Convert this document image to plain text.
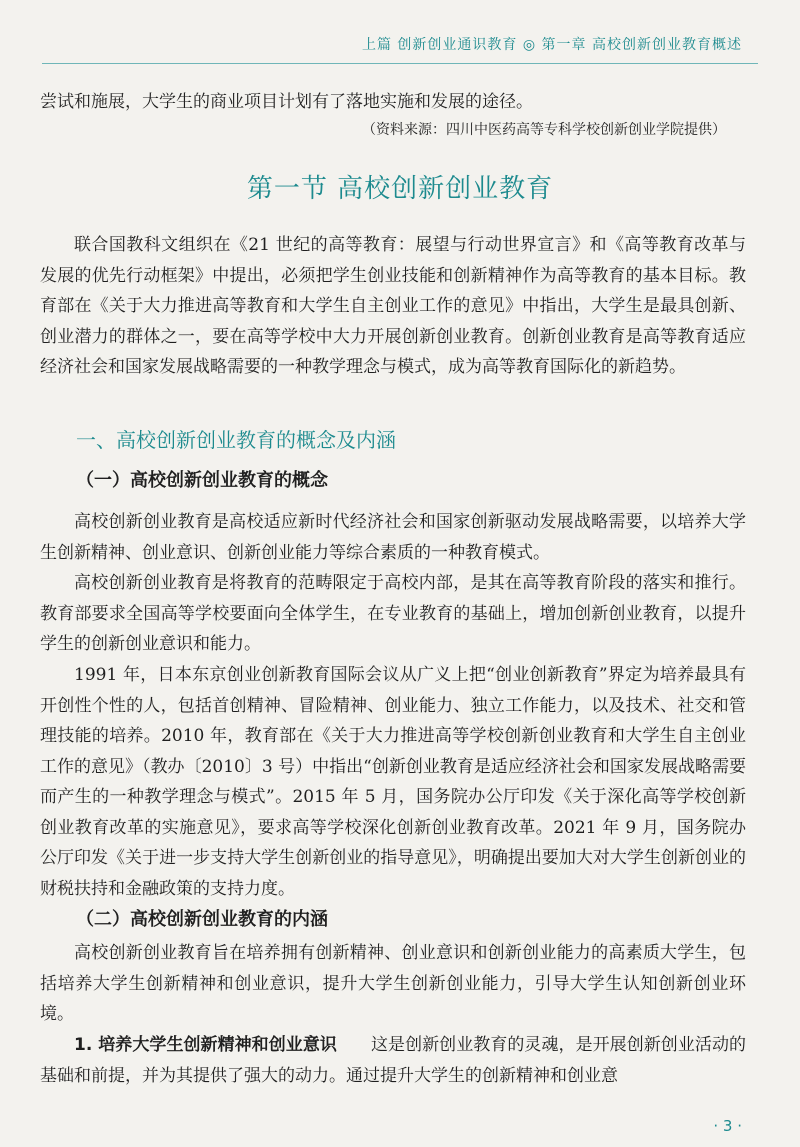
上篇 创新创业通识教育 ◎ 第一章 高校创新创业教育概述
尝试和施展，大学生的商业项目计划有了落地实施和发展的途径。
（资料来源：四川中医药高等专科学校创新创业学院提供）
第一节 高校创新创业教育
联合国教科文组织在《21 世纪的高等教育：展望与行动世界宣言》和《高等教育改革与发展的优先行动框架》中提出，必须把学生创业技能和创新精神作为高等教育的基本目标。教育部在《关于大力推进高等教育和大学生自主创业工作的意见》中指出，大学生是最具创新、创业潜力的群体之一，要在高等学校中大力开展创新创业教育。创新创业教育是高等教育适应经济社会和国家发展战略需要的一种教学理念与模式，成为高等教育国际化的新趋势。
一、高校创新创业教育的概念及内涵
（一）高校创新创业教育的概念
高校创新创业教育是高校适应新时代经济社会和国家创新驱动发展战略需要，以培养大学生创新精神、创业意识、创新创业能力等综合素质的一种教育模式。
高校创新创业教育是将教育的范畴限定于高校内部，是其在高等教育阶段的落实和推行。教育部要求全国高等学校要面向全体学生，在专业教育的基础上，增加创新创业教育，以提升学生的创新创业意识和能力。
1991 年，日本东京创业创新教育国际会议从广义上把“创业创新教育”界定为培养最具有开创性个性的人，包括首创精神、冒险精神、创业能力、独立工作能力，以及技术、社交和管理技能的培养。2010 年，教育部在《关于大力推进高等学校创新创业教育和大学生自主创业工作的意见》（教办〔2010〕3 号）中指出“创新创业教育是适应经济社会和国家发展战略需要而产生的一种教学理念与模式”。2015 年 5 月，国务院办公厅印发《关于深化高等学校创新创业教育改革的实施意见》，要求高等学校深化创新创业教育改革。2021 年 9 月，国务院办公厅印发《关于进一步支持大学生创新创业的指导意见》，明确提出要加大对大学生创新创业的财税扶持和金融政策的支持力度。
（二）高校创新创业教育的内涵
高校创新创业教育旨在培养拥有创新精神、创业意识和创新创业能力的高素质大学生，包括培养大学生创新精神和创业意识，提升大学生创新创业能力，引导大学生认知创新创业环境。
1. 培养大学生创新精神和创业意识   这是创新创业教育的灵魂，是开展创新创业活动的基础和前提，并为其提供了强大的动力。通过提升大学生的创新精神和创业意
· 3 ·
